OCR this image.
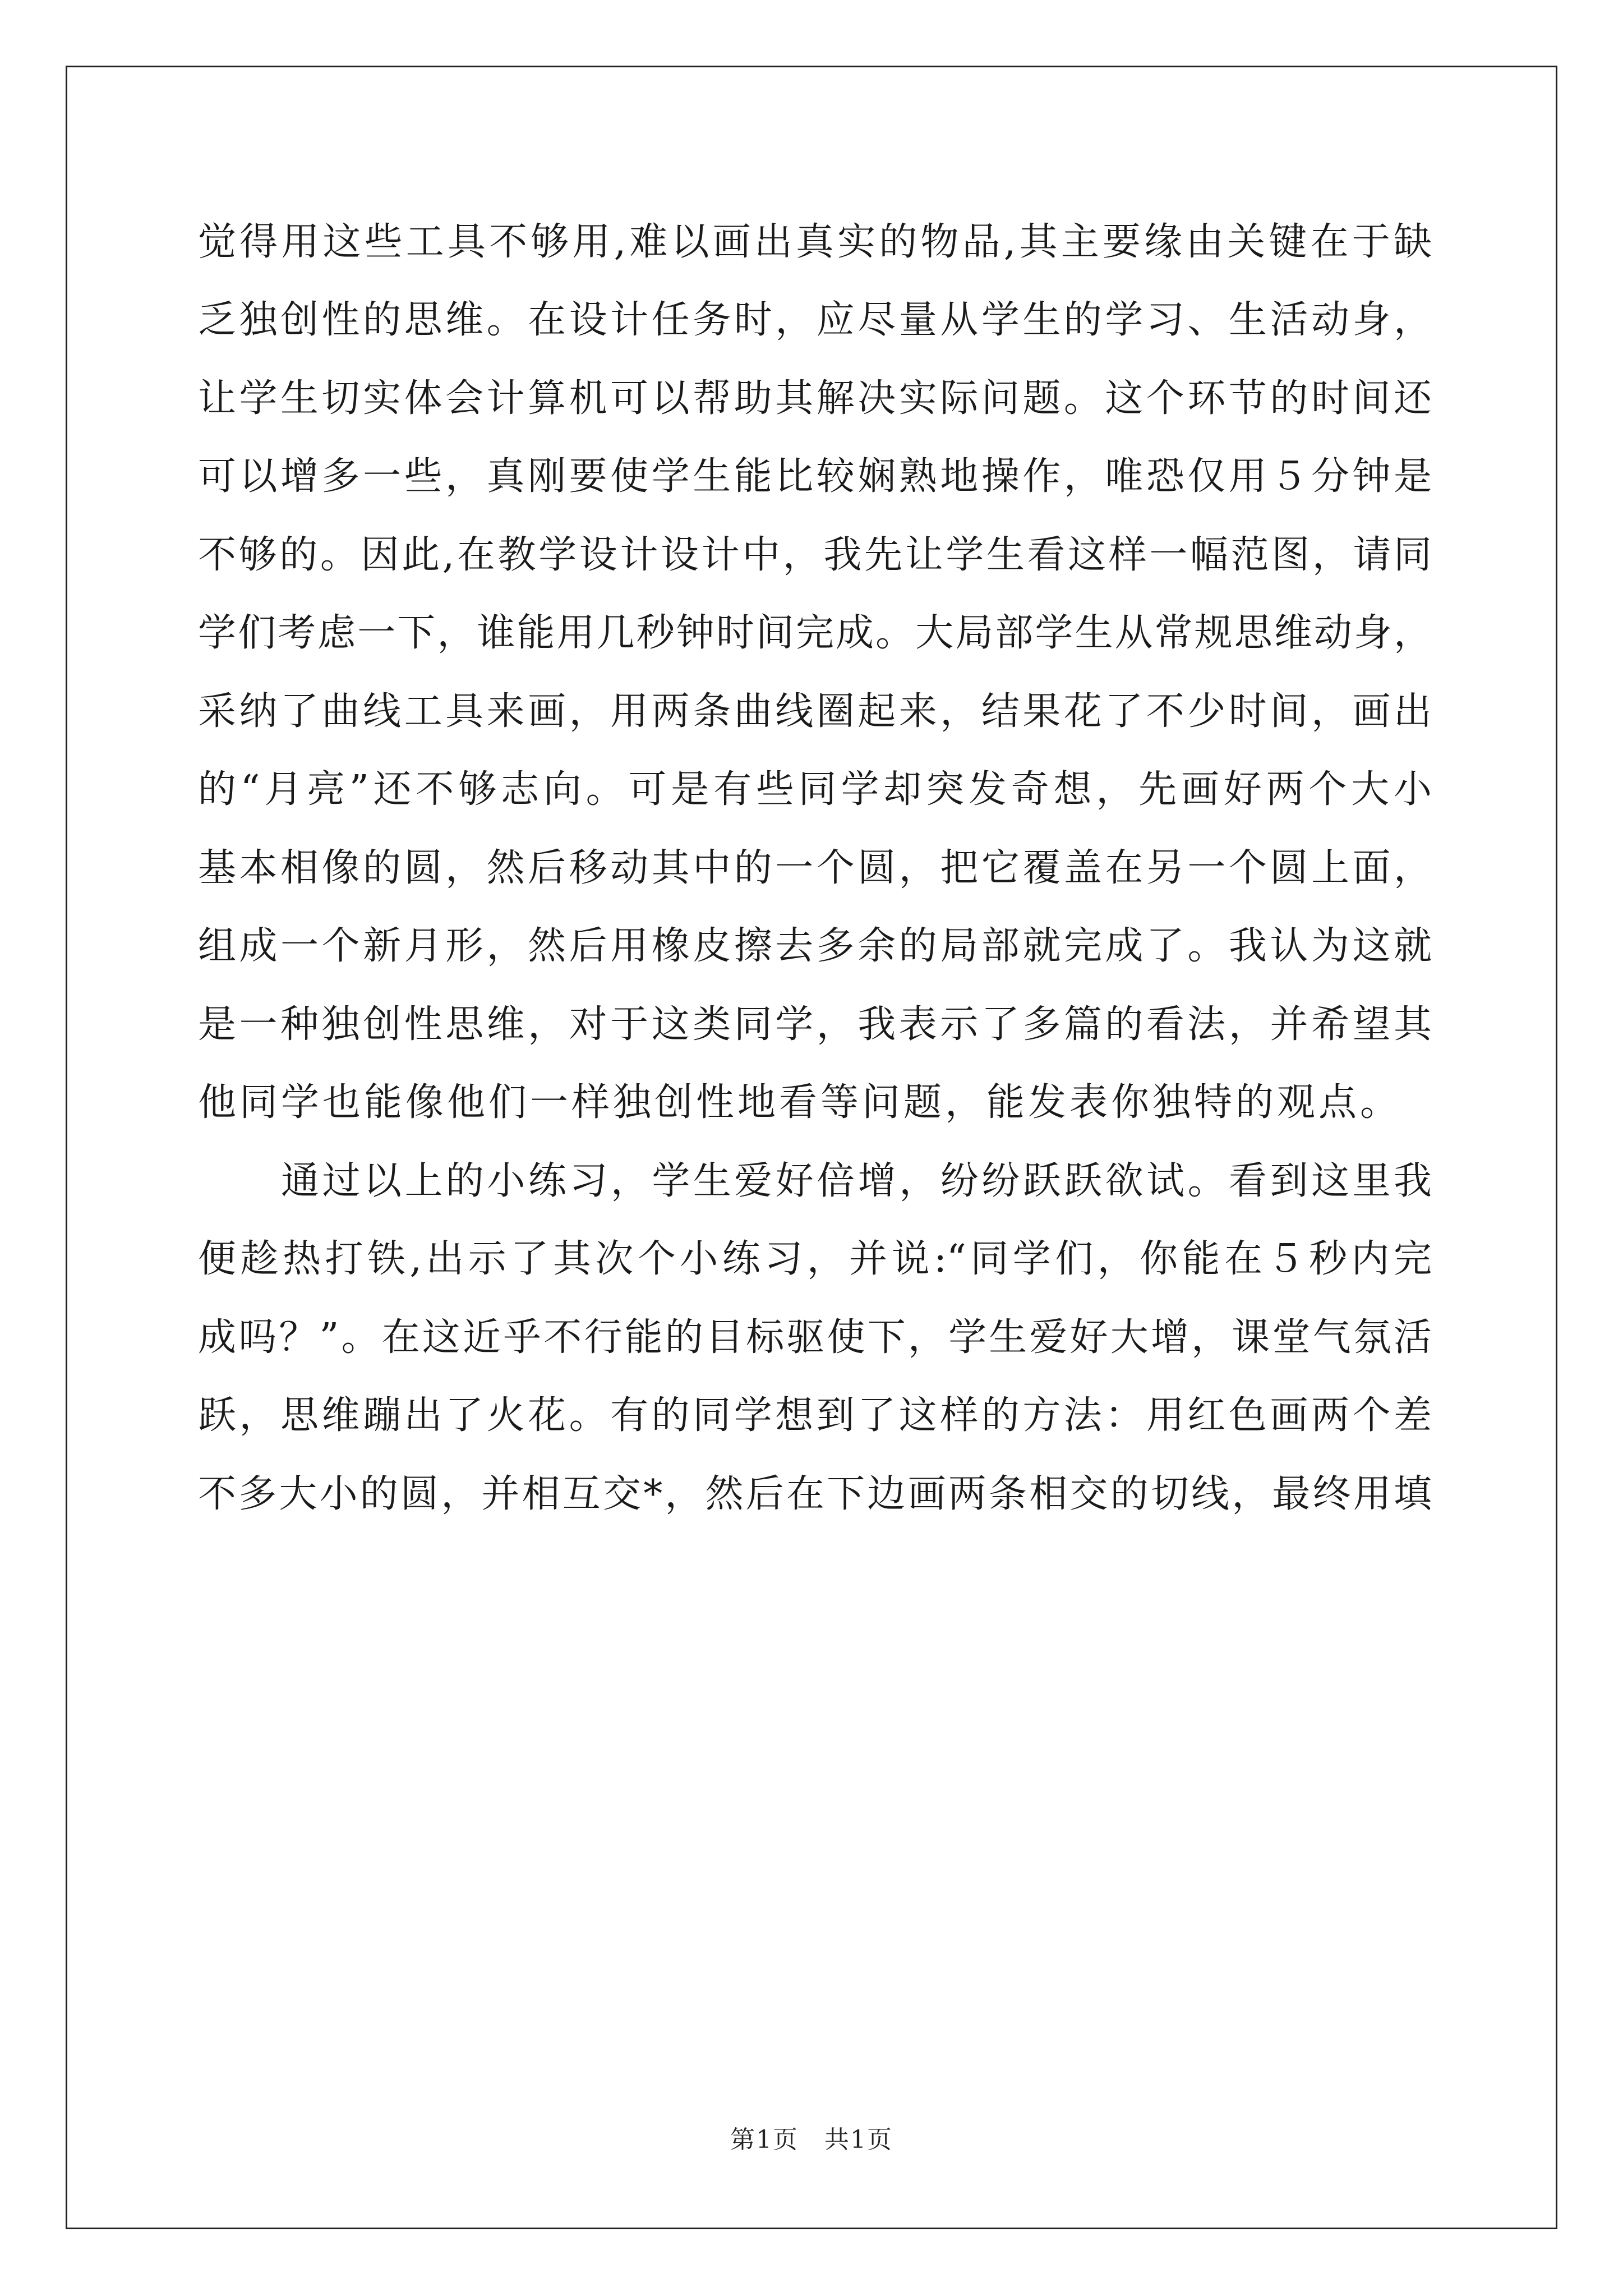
觉得用这些工具不够用,难以画出真实的物品,其主要缘由关键在于缺
乏独创性的思维。在设计任务时，应尽量从学生的学习、生活动身，
让学生切实体会计算机可以帮助其解决实际问题。这个环节的时间还
可以增多一些，真刚要使学生能比较娴熟地操作，唯恐仅用５分钟是
不够的。因此,在教学设计设计中，我先让学生看这样一幅范图，请同
学们考虑一下，谁能用几秒钟时间完成。大局部学生从常规思维动身，
采纳了曲线工具来画，用两条曲线圈起来，结果花了不少时间，画出
的“月亮”还不够志向。可是有些同学却突发奇想，先画好两个大小
基本相像的圆，然后移动其中的一个圆，把它覆盖在另一个圆上面，
组成一个新月形，然后用橡皮擦去多余的局部就完成了。我认为这就
是一种独创性思维，对于这类同学，我表示了多篇的看法，并希望其
他同学也能像他们一样独创性地看等问题，能发表你独特的观点。
通过以上的小练习，学生爱好倍增，纷纷跃跃欲试。看到这里我
便趁热打铁,出示了其次个小练习，并说:“同学们，你能在５秒内完
成吗？”。在这近乎不行能的目标驱使下，学生爱好大增，课堂气氛活
跃，思维蹦出了火花。有的同学想到了这样的方法：用红色画两个差
不多大小的圆，并相互交*，然后在下边画两条相交的切线，最终用填
第1页　共1页
